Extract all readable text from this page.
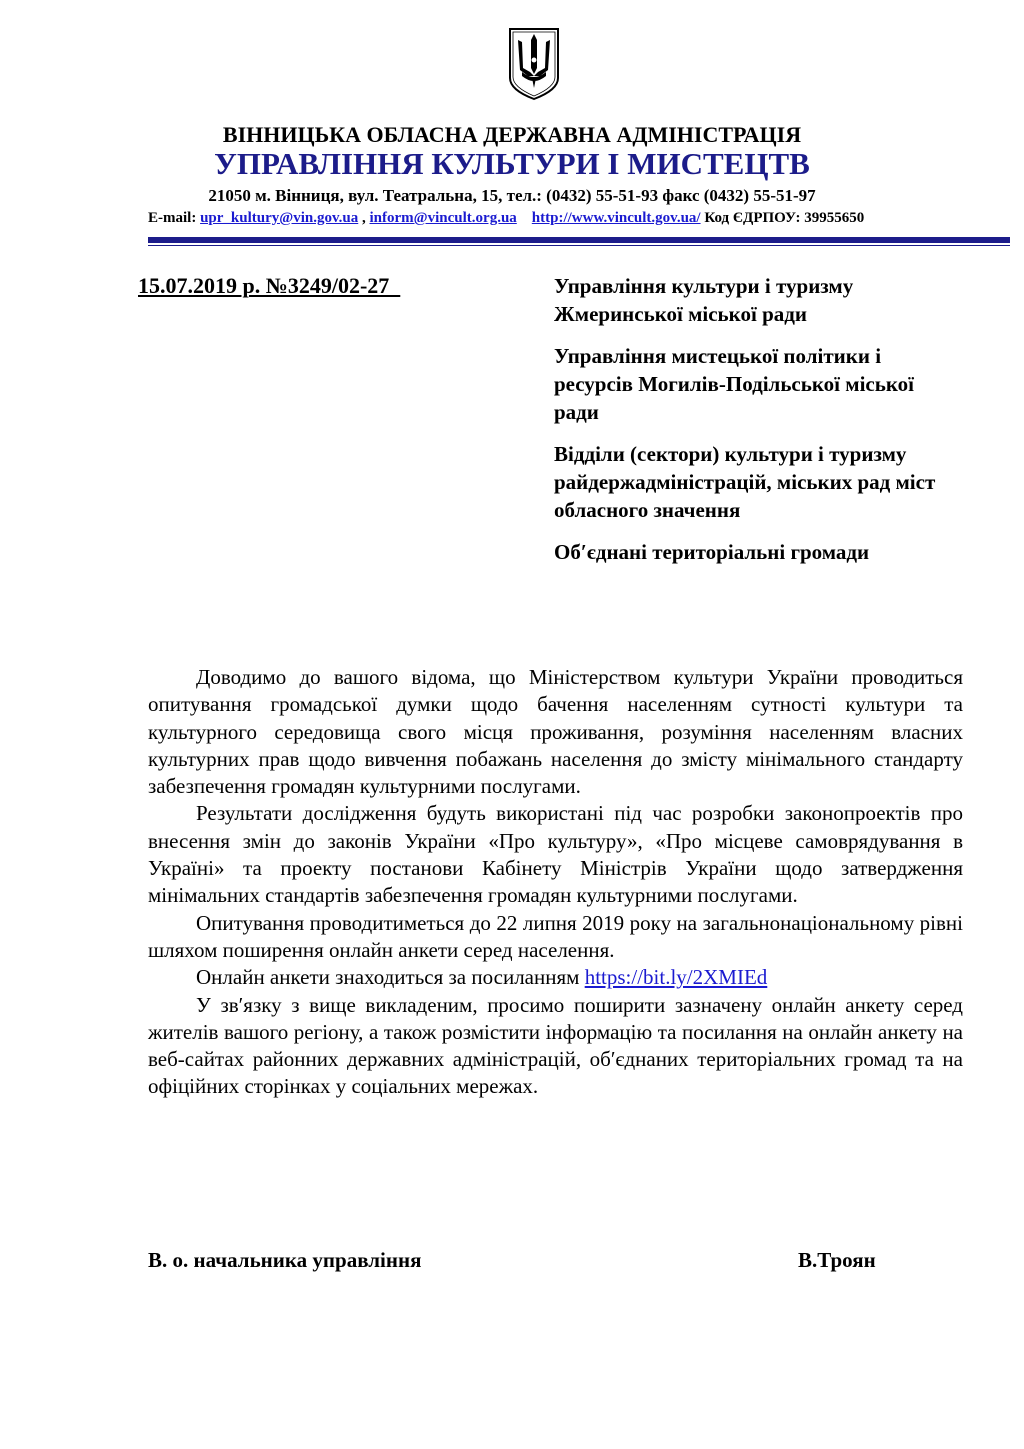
ВІННИЦЬКА ОБЛАСНА ДЕРЖАВНА АДМІНІСТРАЦІЯ
УПРАВЛІННЯ КУЛЬТУРИ І МИСТЕЦТВ
21050 м. Вінниця, вул. Театральна, 15, тел.: (0432) 55-51-93 факс (0432) 55-51-97
E-mail: upr_kultury@vin.gov.ua , inform@vincult.org.ua http://www.vincult.gov.ua/ Код ЄДРПОУ: 39955650
15.07.2019 р. №3249/02-27	Управління культури і туризму Жмеринської міської ради

Управління мистецької політики і ресурсів Могилів-Подільської міської ради

Відділи (сектори) культури і туризму райдержадміністрацій, міських рад міст обласного значення

Об′єднані територіальні громади

Доводимо до вашого відома, що Міністерством культури України проводиться опитування громадської думки щодо бачення населенням сутності культури та культурного середовища свого місця проживання, розуміння населенням власних культурних прав щодо вивчення побажань населення до змісту мінімального стандарту забезпечення громадян культурними послугами.

Результати дослідження будуть використані під час розробки законопроектів про внесення змін до законів України «Про культуру», «Про місцеве самоврядування в Україні» та проекту постанови Кабінету Міністрів України щодо затвердження мінімальних стандартів забезпечення громадян культурними послугами.

Опитування проводитиметься до 22 липня 2019 року на загальнонаціональному рівні шляхом поширення онлайн анкети серед населення.

Онлайн анкети знаходиться за посиланням https://bit.ly/2XMIEd

У зв′язку з вище викладеним, просимо поширити зазначену онлайн анкету серед жителів вашого регіону, а також розмістити інформацію та посилання на онлайн анкету на веб-сайтах районних державних адміністрацій, об′єднаних територіальних громад та на офіційних сторінках у соціальних мережах.

В. о. начальника управління	В.Троян
